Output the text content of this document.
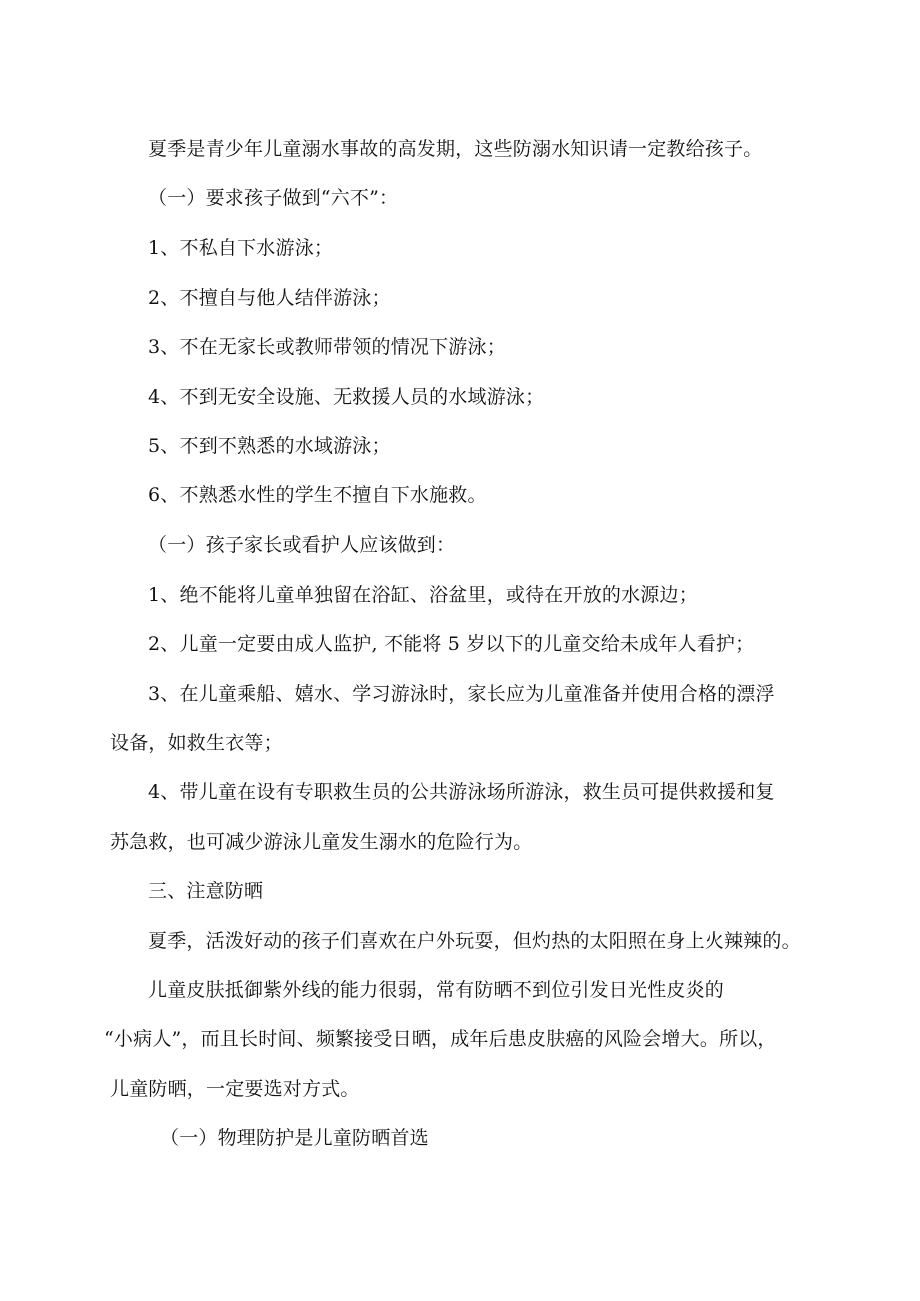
夏季是青少年儿童溺水事故的高发期，这些防溺水知识请一定教给孩子。
（一）要求孩子做到“六不”：
1、不私自下水游泳；
2、不擅自与他人结伴游泳；
3、不在无家长或教师带领的情况下游泳；
4、不到无安全设施、无救援人员的水域游泳；
5、不到不熟悉的水域游泳；
6、不熟悉水性的学生不擅自下水施救。
（一）孩子家长或看护人应该做到：
1、绝不能将儿童单独留在浴缸、浴盆里，或待在开放的水源边；
2、儿童一定要由成人监护, 不能将 5 岁以下的儿童交给未成年人看护；
3、在儿童乘船、嬉水、学习游泳时，家长应为儿童准备并使用合格的漂浮
设备，如救生衣等；
4、带儿童在设有专职救生员的公共游泳场所游泳，救生员可提供救援和复
苏急救，也可减少游泳儿童发生溺水的危险行为。
三、注意防晒
夏季，活泼好动的孩子们喜欢在户外玩耍，但灼热的太阳照在身上火辣辣的。
儿童皮肤抵御紫外线的能力很弱，常有防晒不到位引发日光性皮炎的
“小病人”，而且长时间、频繁接受日晒，成年后患皮肤癌的风险会增大。所以，
儿童防晒，一定要选对方式。
（一）物理防护是儿童防晒首选
